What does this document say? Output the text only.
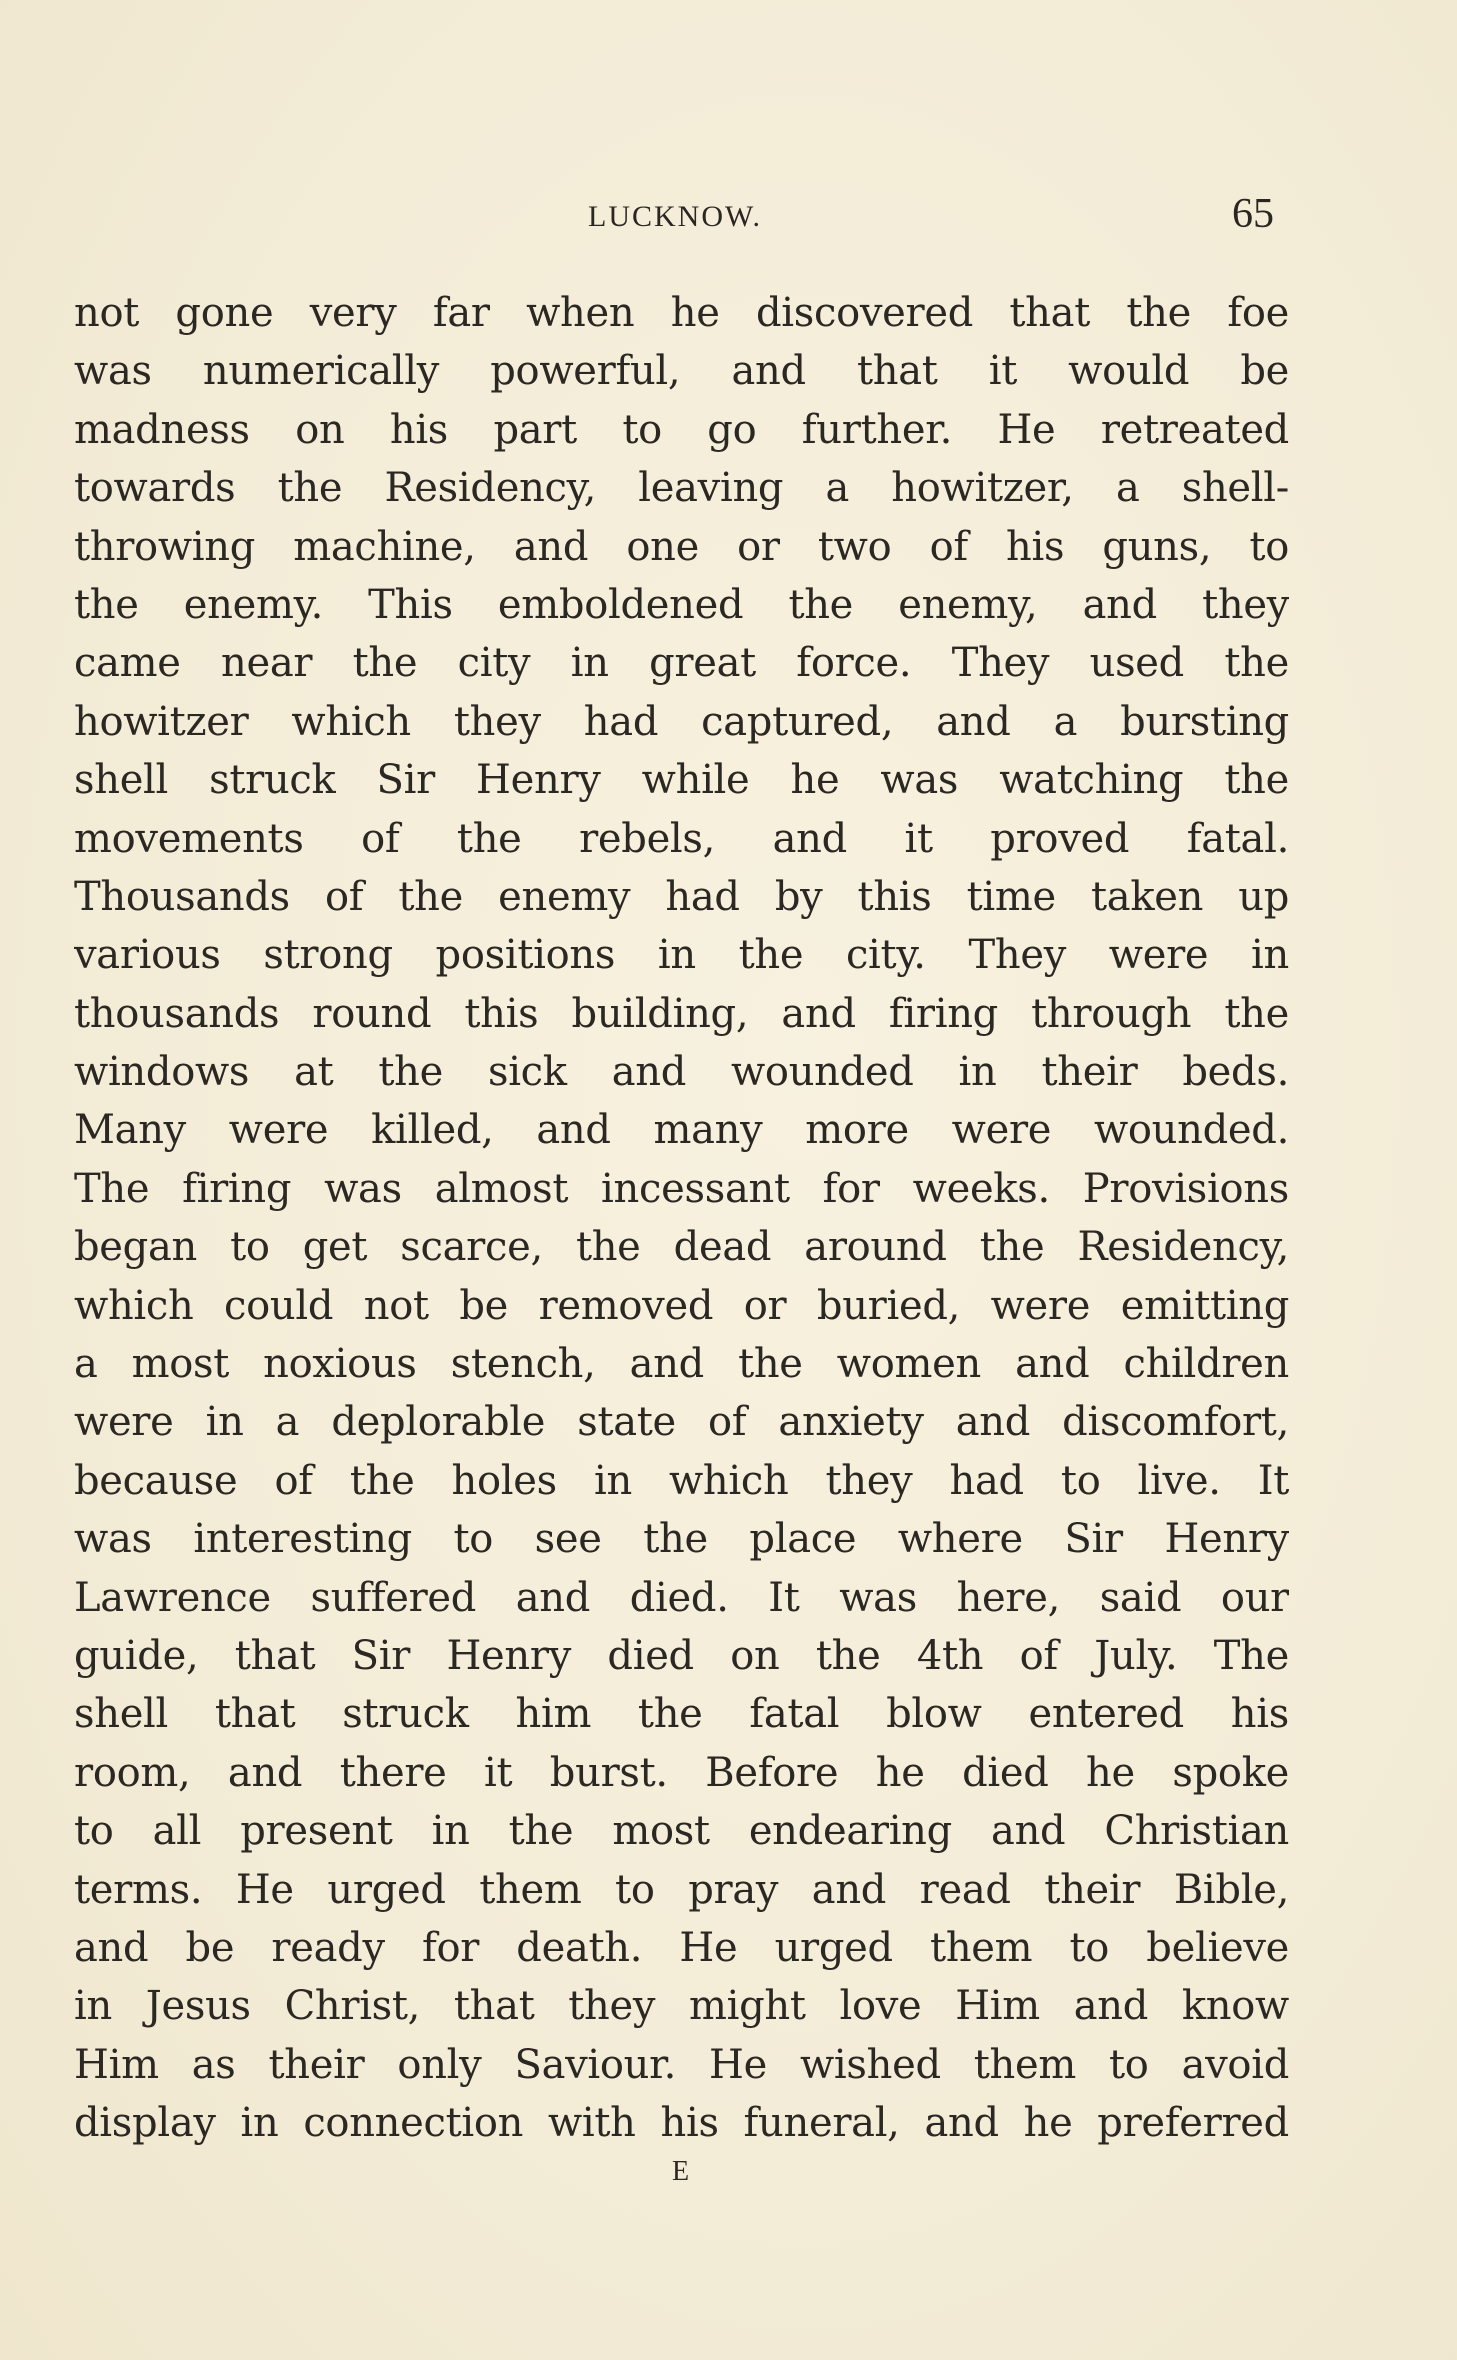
LUCKNOW.	65
not gone very far when he discovered that the foe
was numerically powerful, and that it would be
madness on his part to go further. He retreated
towards the Residency, leaving a howitzer, a shell-
throwing machine, and one or two of his guns, to
the enemy. This emboldened the enemy, and they
came near the city in great force. They used the
howitzer which they had captured, and a bursting
shell struck Sir Henry while he was watching the
movements of the rebels, and it proved fatal.
Thousands of the enemy had by this time taken up
various strong positions in the city. They were in
thousands round this building, and firing through the
windows at the sick and wounded in their beds.
Many were killed, and many more were wounded.
The firing was almost incessant for weeks. Provisions
began to get scarce, the dead around the Residency,
which could not be removed or buried, were emitting
a most noxious stench, and the women and children
were in a deplorable state of anxiety and discomfort,
because of the holes in which they had to live. It
was interesting to see the place where Sir Henry
Lawrence suffered and died. It was here, said our
guide, that Sir Henry died on the 4th of July. The
shell that struck him the fatal blow entered his
room, and there it burst. Before he died he spoke
to all present in the most endearing and Christian
terms. He urged them to pray and read their Bible,
and be ready for death. He urged them to believe
in Jesus Christ, that they might love Him and know
Him as their only Saviour. He wished them to avoid
display in connection with his funeral, and he preferred
E
